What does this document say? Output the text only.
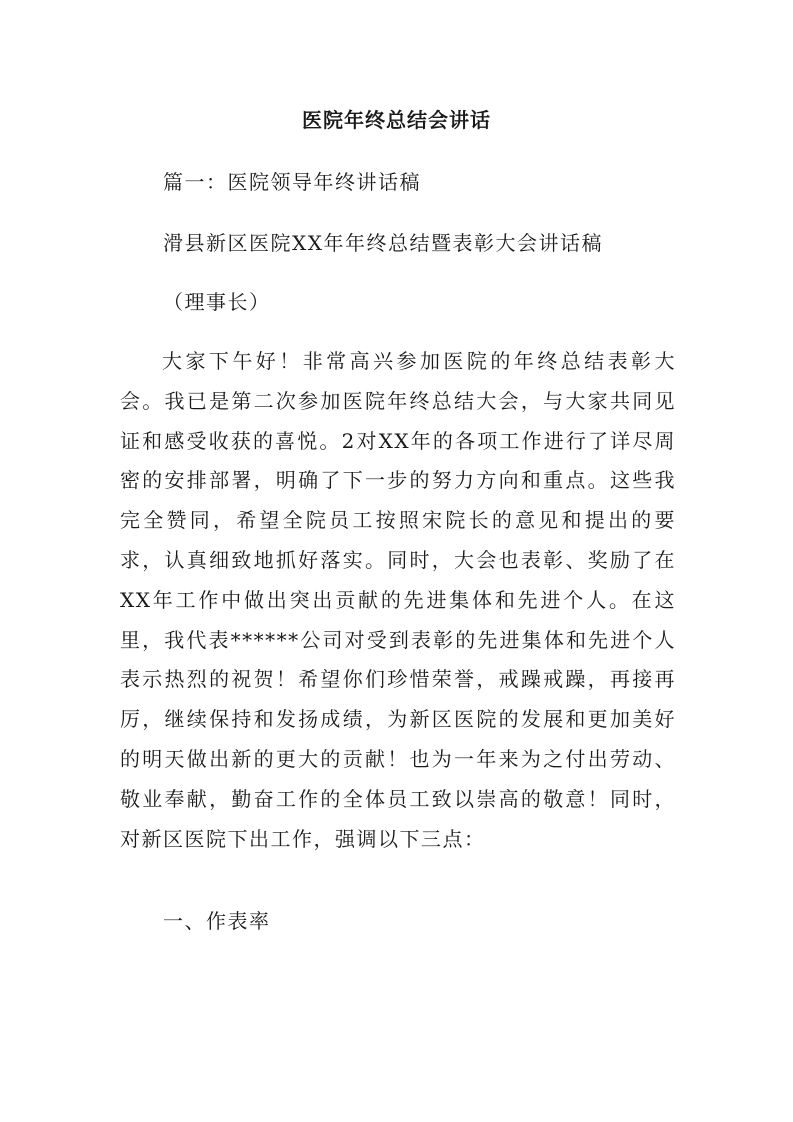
医院年终总结会讲话
篇一：医院领导年终讲话稿
滑县新区医院XX年年终总结暨表彰大会讲话稿
（理事长）
大家下午好！非常高兴参加医院的年终总结表彰大会。我已是第二次参加医院年终总结大会，与大家共同见证和感受收获的喜悦。2对XX年的各项工作进行了详尽周密的安排部署，明确了下一步的努力方向和重点。这些我完全赞同，希望全院员工按照宋院长的意见和提出的要求，认真细致地抓好落实。同时，大会也表彰、奖励了在XX年工作中做出突出贡献的先进集体和先进个人。在这里，我代表******公司对受到表彰的先进集体和先进个人表示热烈的祝贺！希望你们珍惜荣誉，戒躁戒躁，再接再厉，继续保持和发扬成绩，为新区医院的发展和更加美好的明天做出新的更大的贡献！也为一年来为之付出劳动、敬业奉献，勤奋工作的全体员工致以崇高的敬意！同时，对新区医院下出工作，强调以下三点：
一、作表率
